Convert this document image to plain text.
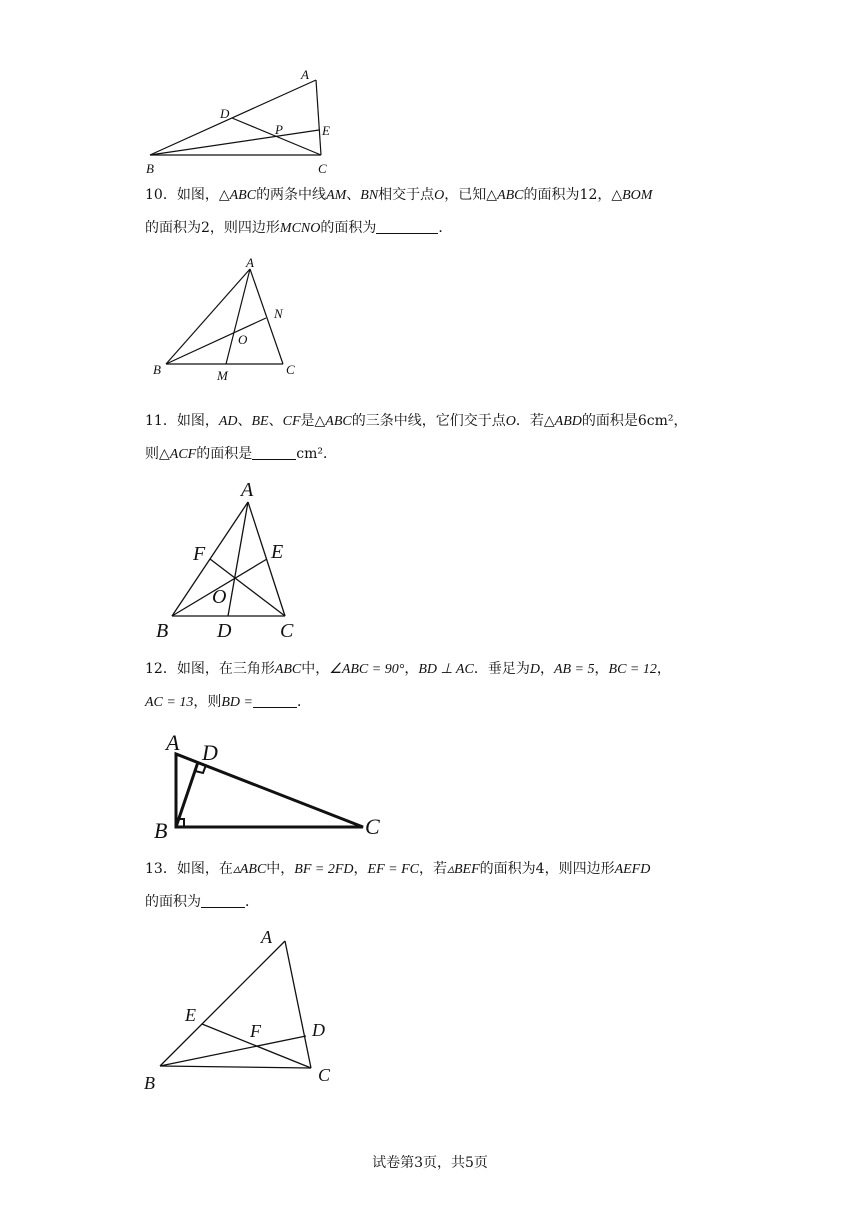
A
D
P	E
B	C

10．如图，△ABC的两条中线AM、BN相交于点O，已知△ABC的面积为12，△BOM

的面积为2，则四边形MCNO的面积为	．

A
N
O
B	M	C

11．如图，AD、BE、CF是△ABC的三条中线，它们交于点O．若△ABD的面积是6cm²，

则△ACF的面积是	cm²．

A
F	E
O
B D C

12．如图，在三角形ABC中，∠ABC = 90°，BD ⊥ AC．垂足为D，AB = 5，BC = 12，

AC = 13，则BD =	．

A D
B	C

13．如图，在▵ABC中，BF = 2FD，EF = FC，若▵BEF的面积为4，则四边形AEFD

的面积为	．

A
E
F	D
B	C
试卷第3页，共5页
